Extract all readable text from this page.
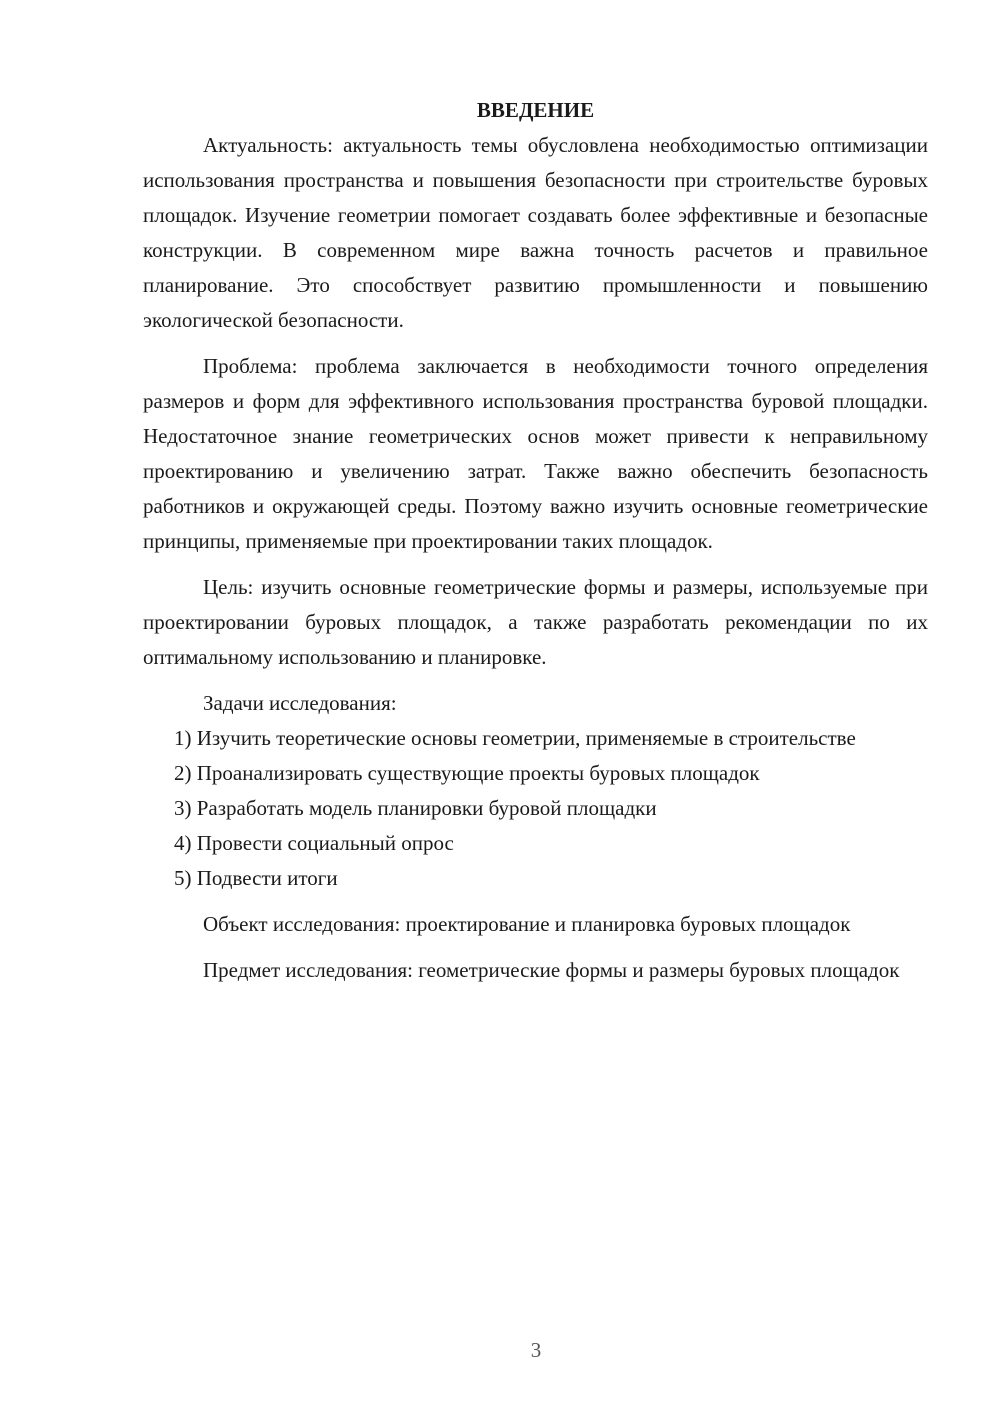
ВВЕДЕНИЕ

Актуальность: актуальность темы обусловлена необходимостью оптимизации использования пространства и повышения безопасности при строительстве буровых площадок. Изучение геометрии помогает создавать более эффективные и безопасные конструкции. В современном мире важна точность расчетов и правильное планирование. Это способствует развитию промышленности и повышению экологической безопасности.

Проблема: проблема заключается в необходимости точного определения размеров и форм для эффективного использования пространства буровой площадки. Недостаточное знание геометрических основ может привести к неправильному проектированию и увеличению затрат. Также важно обеспечить безопасность работников и окружающей среды. Поэтому важно изучить основные геометрические принципы, применяемые при проектировании таких площадок.

Цель: изучить основные геометрические формы и размеры, используемые при проектировании буровых площадок, а также разработать рекомендации по их оптимальному использованию и планировке.

Задачи исследования:

1) Изучить теоретические основы геометрии, применяемые в строительстве

2) Проанализировать существующие проекты буровых площадок

3) Разработать модель планировки буровой площадки

4) Провести социальный опрос

5) Подвести итоги

Объект исследования: проектирование и планировка буровых площадок

Предмет исследования: геометрические формы и размеры буровых площадок

3
